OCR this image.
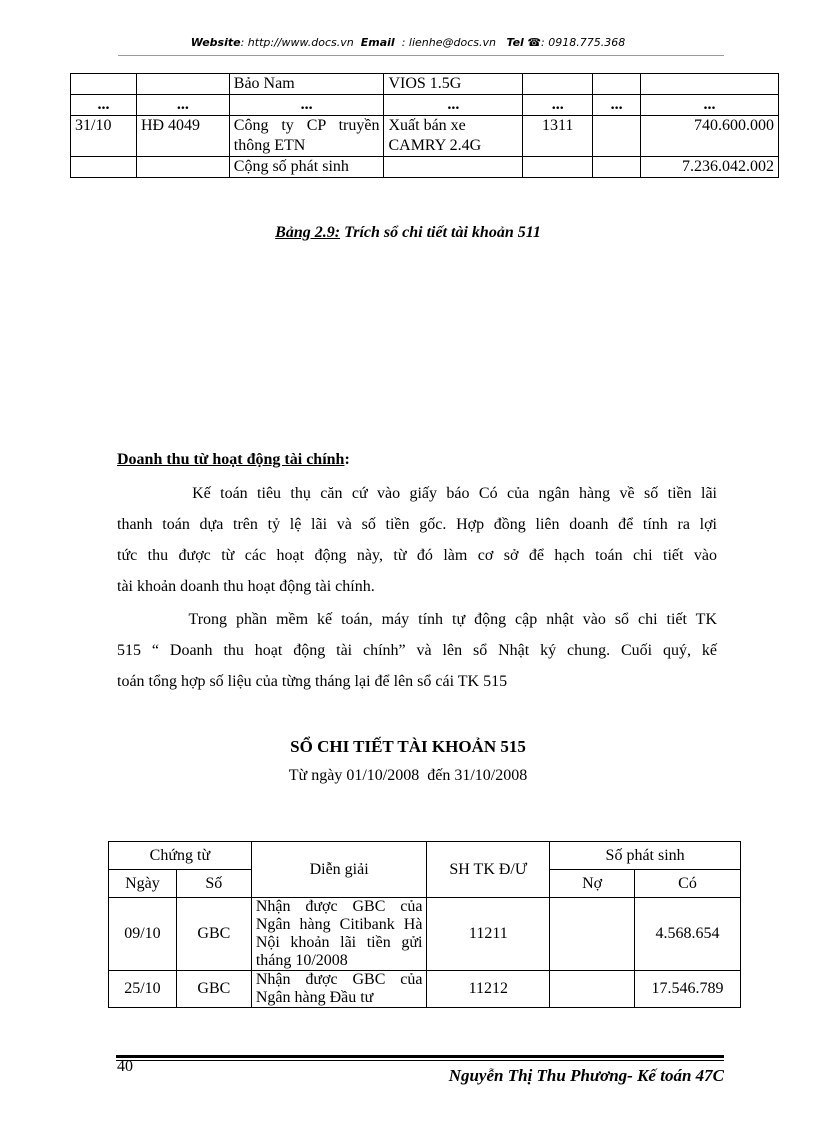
Website: http://www.docs.vn Email : lienhe@docs.vn Tel ☎: 0918.775.368
		Bảo Nam	VIOS 1.5G			
...	...	...	...	...	...	...
31/10	HĐ 4049	Công ty CP truyền thông ETN	Xuất bán xe CAMRY 2.4G	1311		740.600.000
		Cộng số phát sinh				7.236.042.002
Bảng 2.9: Trích sổ chi tiết tài khoản 511
Doanh thu từ hoạt động tài chính:
Kế toán tiêu thụ căn cứ vào giấy báo Có của ngân hàng về số tiền lãi
thanh toán dựa trên tỷ lệ lãi và số tiền gốc. Hợp đồng liên doanh để tính ra lợi
tức thu được từ các hoạt động này, từ đó làm cơ sở để hạch toán chi tiết vào
tài khoản doanh thu hoạt động tài chính.
Trong phần mềm kế toán, máy tính tự động cập nhật vào sổ chi tiết TK
515 “ Doanh thu hoạt động tài chính” và lên sổ Nhật ký chung. Cuối quý, kế
toán tổng hợp số liệu của từng tháng lại để lên sổ cái TK 515
SỔ CHI TIẾT TÀI KHOẢN 515
Từ ngày 01/10/2008  đến 31/10/2008
Chứng từ		Diễn giải	SH TK Đ/Ư	Số phát sinh	
Ngày	Số			Nợ	Có
09/10	GBC	Nhận được GBC của Ngân hàng Citibank Hà Nội khoản lãi tiền gửi tháng 10/2008	11211		4.568.654
25/10	GBC	Nhận được GBC của Ngân hàng Đầu tư	11212		17.546.789
40	Nguyễn Thị Thu Phương- Kế toán 47C
